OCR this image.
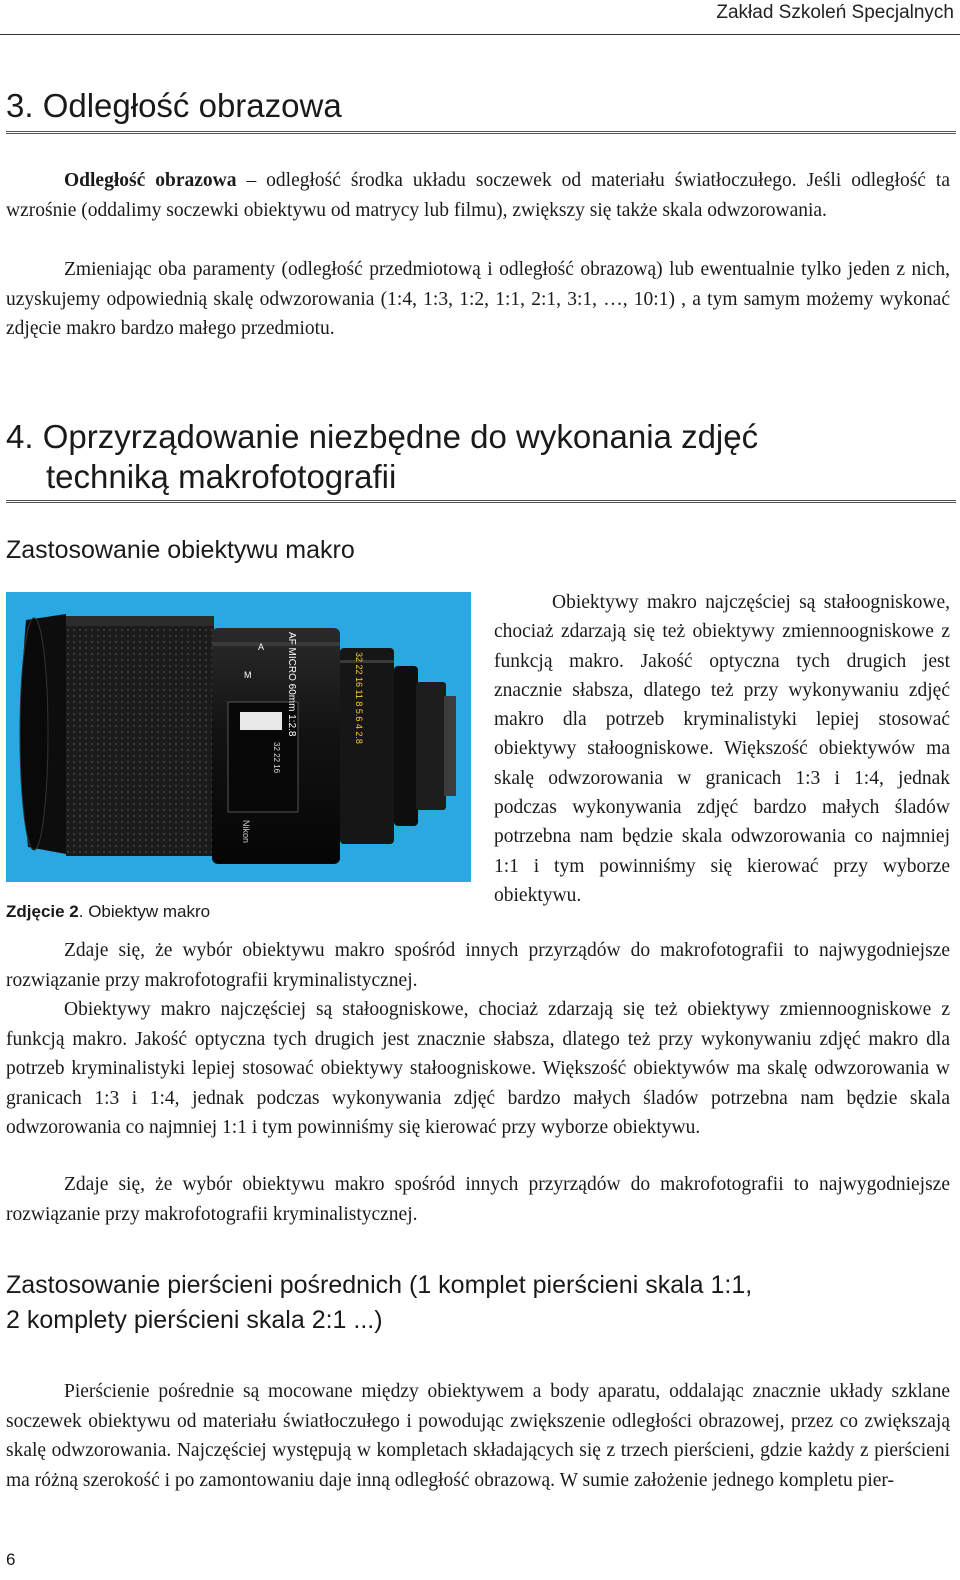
Zakład Szkoleń Specjalnych
3. Odległość obrazowa

Odległość obrazowa – odległość środka układu soczewek od materiału światłoczułego. Jeśli odległość ta wzrośnie (oddalimy soczewki obiektywu od matrycy lub filmu), zwiększy się także skala odwzorowania.

Zmieniając oba paramenty (odległość przedmiotową i odległość obrazową) lub ewentualnie tylko jeden z nich, uzyskujemy odpowiednią skalę odwzorowania (1:4, 1:3, 1:2, 1:1, 2:1, 3:1, …, 10:1) , a tym samym możemy wykonać zdjęcie makro bardzo małego przedmiotu.

4. Oprzyrządowanie niezbędne do wykonania zdjęć
techniką makrofotografii
Zastosowanie obiektywu makro
M
A AF MICRO 60mm 1:2.8	32 22 16 11 8 5.6 4 2.8
32 22 16
Nikon
Zdjęcie 2. Obiektyw makro

Obiektywy makro najczęściej są stałoogniskowe, chociaż zdarzają się też obiektywy zmiennoogniskowe z funkcją makro. Jakość optyczna tych drugich jest znacznie słabsza, dlatego też przy wykonywaniu zdjęć makro dla potrzeb kryminalistyki lepiej stosować obiektywy stałoogniskowe. Większość obiektywów ma skalę odwzorowania w granicach 1:3 i 1:4, jednak podczas wykonywania zdjęć bardzo małych śladów potrzebna nam będzie skala odwzorowania co najmniej 1:1 i tym powinniśmy się kierować przy wyborze obiektywu.

Zdaje się, że wybór obiektywu makro spośród innych przyrządów do makrofotografii to najwygodniejsze rozwiązanie przy makrofotografii kryminalistycznej.

Obiektywy makro najczęściej są stałoogniskowe, chociaż zdarzają się też obiektywy zmiennoogniskowe z funkcją makro. Jakość optyczna tych drugich jest znacznie słabsza, dlatego też przy wykonywaniu zdjęć makro dla potrzeb kryminalistyki lepiej stosować obiektywy stałoogniskowe. Większość obiektywów ma skalę odwzorowania w granicach 1:3 i 1:4, jednak podczas wykonywania zdjęć bardzo małych śladów potrzebna nam będzie skala odwzorowania co najmniej 1:1 i tym powinniśmy się kierować przy wyborze obiektywu.

Zdaje się, że wybór obiektywu makro spośród innych przyrządów do makrofotografii to najwygodniejsze rozwiązanie przy makrofotografii kryminalistycznej.

Zastosowanie pierścieni pośrednich (1 komplet pierścieni skala 1:1,
2 komplety pierścieni skala 2:1 ...)

Pierścienie pośrednie są mocowane między obiektywem a body aparatu, oddalając znacznie układy szklane soczewek obiektywu od materiału światłoczułego i powodując zwiększenie odległości obrazowej, przez co zwiększają skalę odwzorowania. Najczęściej występują w kompletach składających się z trzech pierścieni, gdzie każdy z pierścieni ma różną szerokość i po zamontowaniu daje inną odległość obrazową. W sumie założenie jednego kompletu pier-

6
